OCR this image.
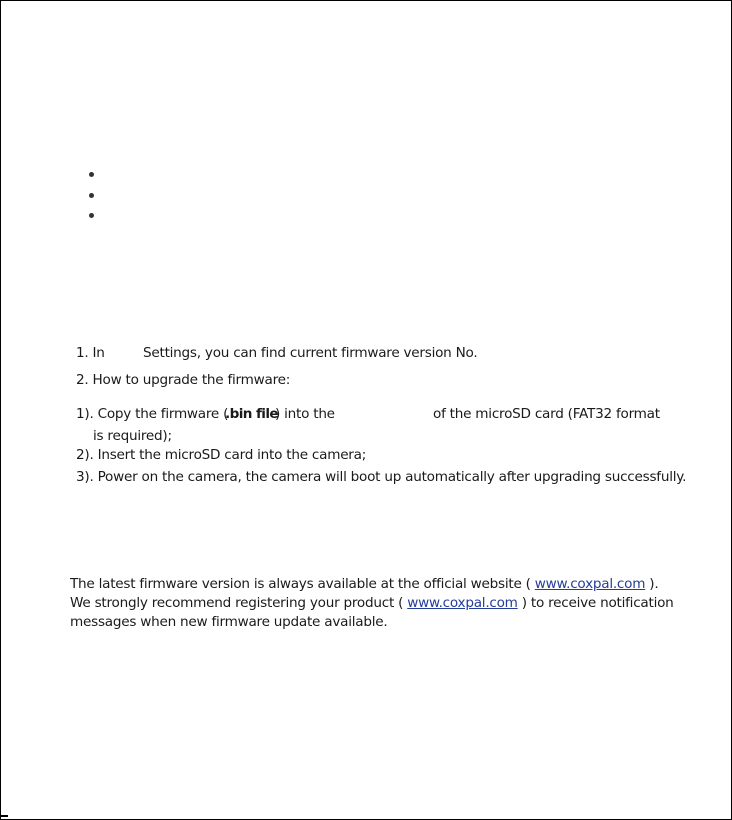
1. In	Settings, you can find current firmware version No.
2. How to upgrade the firmware:
1). Copy the firmware (
.bin file
) into the	of the microSD card (FAT32 format
is required);
2). Insert the microSD card into the camera;
3). Power on the camera, the camera will boot up automatically after upgrading successfully.
The latest firmware version is always available at the official website ( www.coxpal.com ).
We strongly recommend registering your product ( www.coxpal.com ) to receive notification
messages when new firmware update available.
